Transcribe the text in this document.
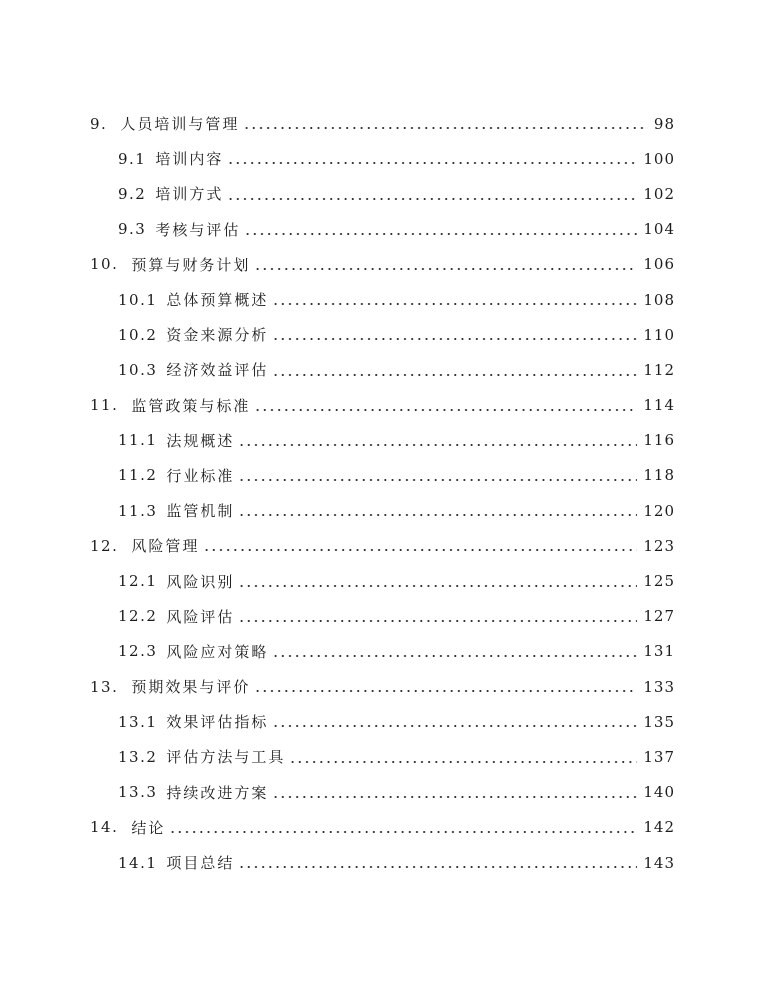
9. 人员培训与管理	98
9.1 培训内容	100
9.2 培训方式	102
9.3 考核与评估	104
10. 预算与财务计划	106
10.1 总体预算概述	108
10.2 资金来源分析	110
10.3 经济效益评估	112
11. 监管政策与标准	114
11.1 法规概述	116
11.2 行业标准	118
11.3 监管机制	120
12. 风险管理	123
12.1 风险识别	125
12.2 风险评估	127
12.3 风险应对策略	131
13. 预期效果与评价	133
13.1 效果评估指标	135
13.2 评估方法与工具	137
13.3 持续改进方案	140
14. 结论	142
14.1 项目总结	143
